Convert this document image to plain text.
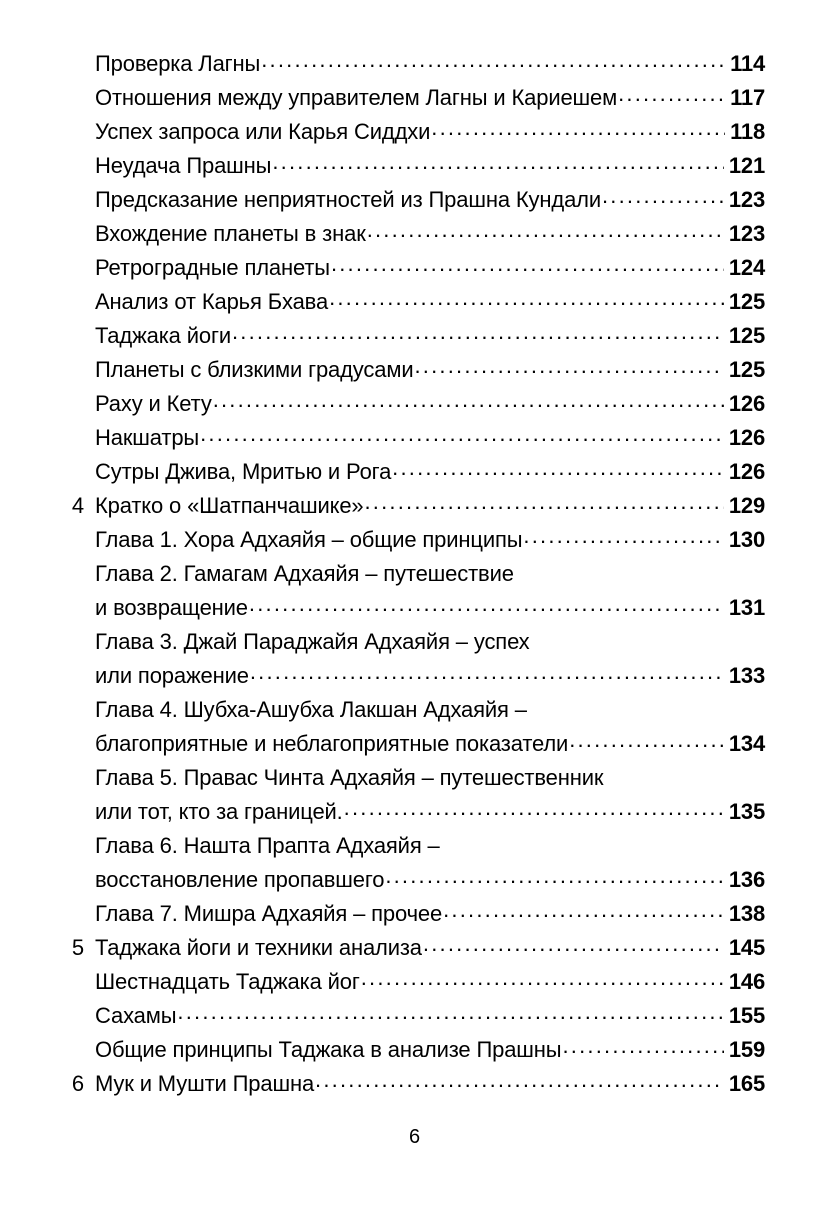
Проверка Лагны .....	114
Отношения между управителем Лагны и Кариешем .....	117
Успех запроса или Карья Сиддхи .....	118
Неудача Прашны .....	121
Предсказание неприятностей из Прашна Кундали .....	123
Вхождение планеты в знак .....	123
Ретроградные планеты .....	124
Анализ от Карья Бхава .....	125
Таджака йоги .....	125
Планеты с близкими градусами .....	125
Раху и Кету .....	126
Накшатры .....	126
Сутры Джива, Мритью и Рога .....	126
4 Кратко о «Шатпанчашике» .....	129
Глава 1. Хора Адхаяйя – общие принципы .....	130
Глава 2. Гамагам Адхаяйя – путешествие
и возвращение .....	131
Глава 3. Джай Параджайя Адхаяйя – успех
или поражение .....	133
Глава 4. Шубха-Ашубха Лакшан Адхаяйя –
благоприятные и неблагоприятные показатели .....	134
Глава 5. Правас Чинта Адхаяйя – путешественник
или тот, кто за границей. .....	135
Глава 6. Нашта Прапта Адхаяйя –
восстановление пропавшего .....	136
Глава 7. Мишра Адхаяйя – прочее .....	138
5 Таджака йоги и техники анализа .....	145
Шестнадцать Таджака йог .....	146
Сахамы .....	155
Общие принципы Таджака в анализе Прашны .....	159
6 Мук и Мушти Прашна .....	165
6
